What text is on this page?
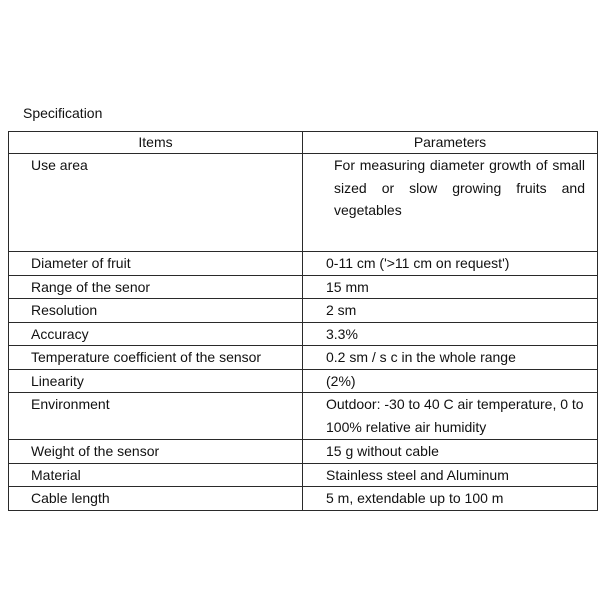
Specification
Items	Parameters
Use area	For measuring diameter growth of small sized or slow growing fruits and vegetables
Diameter of fruit	0-11 cm ('>11 cm on request')
Range of the senor	15 mm
Resolution	2 sm
Accuracy	3.3%
Temperature coefficient of the sensor	0.2 sm / s c in the whole range
Linearity	(2%)
Environment	Outdoor: -30 to 40 C air temperature, 0 to 100% relative air humidity
Weight of the sensor	15 g without cable
Material	Stainless steel and Aluminum
Cable length	5 m, extendable up to 100 m
